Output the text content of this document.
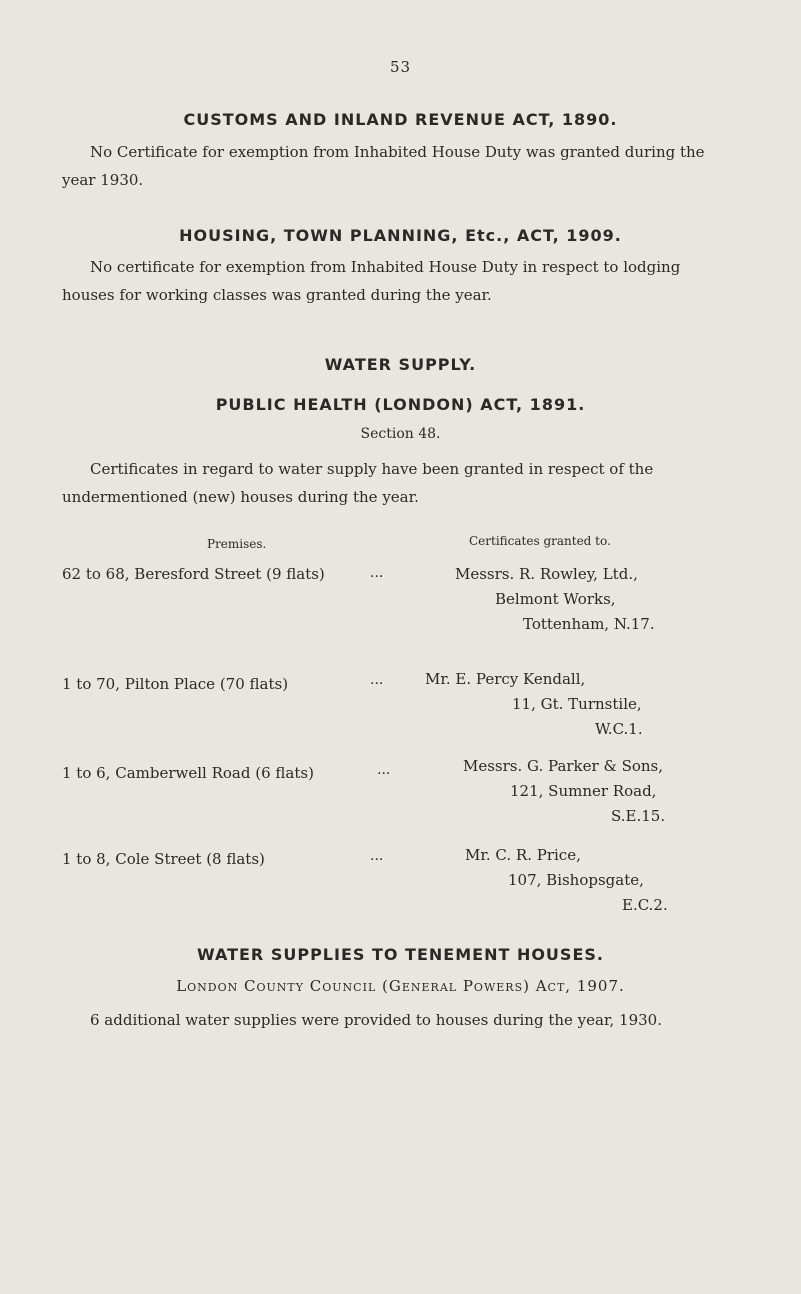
53
CUSTOMS AND INLAND REVENUE ACT, 1890.
No Certificate for exemption from Inhabited House Duty was granted during the year 1930.
HOUSING, TOWN PLANNING, Etc., ACT, 1909.
No certificate for exemption from Inhabited House Duty in respect to lodging houses for working classes was granted during the year.
WATER SUPPLY.
PUBLIC HEALTH (LONDON) ACT, 1891.
Section 48.
Certificates in regard to water supply have been granted in respect of the undermentioned (new) houses during the year.
Premises.	Certificates granted to.
62 to 68, Beresford Street (9 flats)	...	Messrs. R. Rowley, Ltd.,
Belmont Works,
Tottenham, N.17.
1 to 70, Pilton Place (70 flats)	...	Mr. E. Percy Kendall,
11, Gt. Turnstile,
W.C.1.
1 to 6, Camberwell Road (6 flats)	...	Messrs. G. Parker & Sons,
121, Sumner Road,
S.E.15.
1 to 8, Cole Street (8 flats)	...	Mr. C. R. Price,
107, Bishopsgate,
E.C.2.
WATER SUPPLIES TO TENEMENT HOUSES.
London County Council (General Powers) Act, 1907.
6 additional water supplies were provided to houses during the year, 1930.
